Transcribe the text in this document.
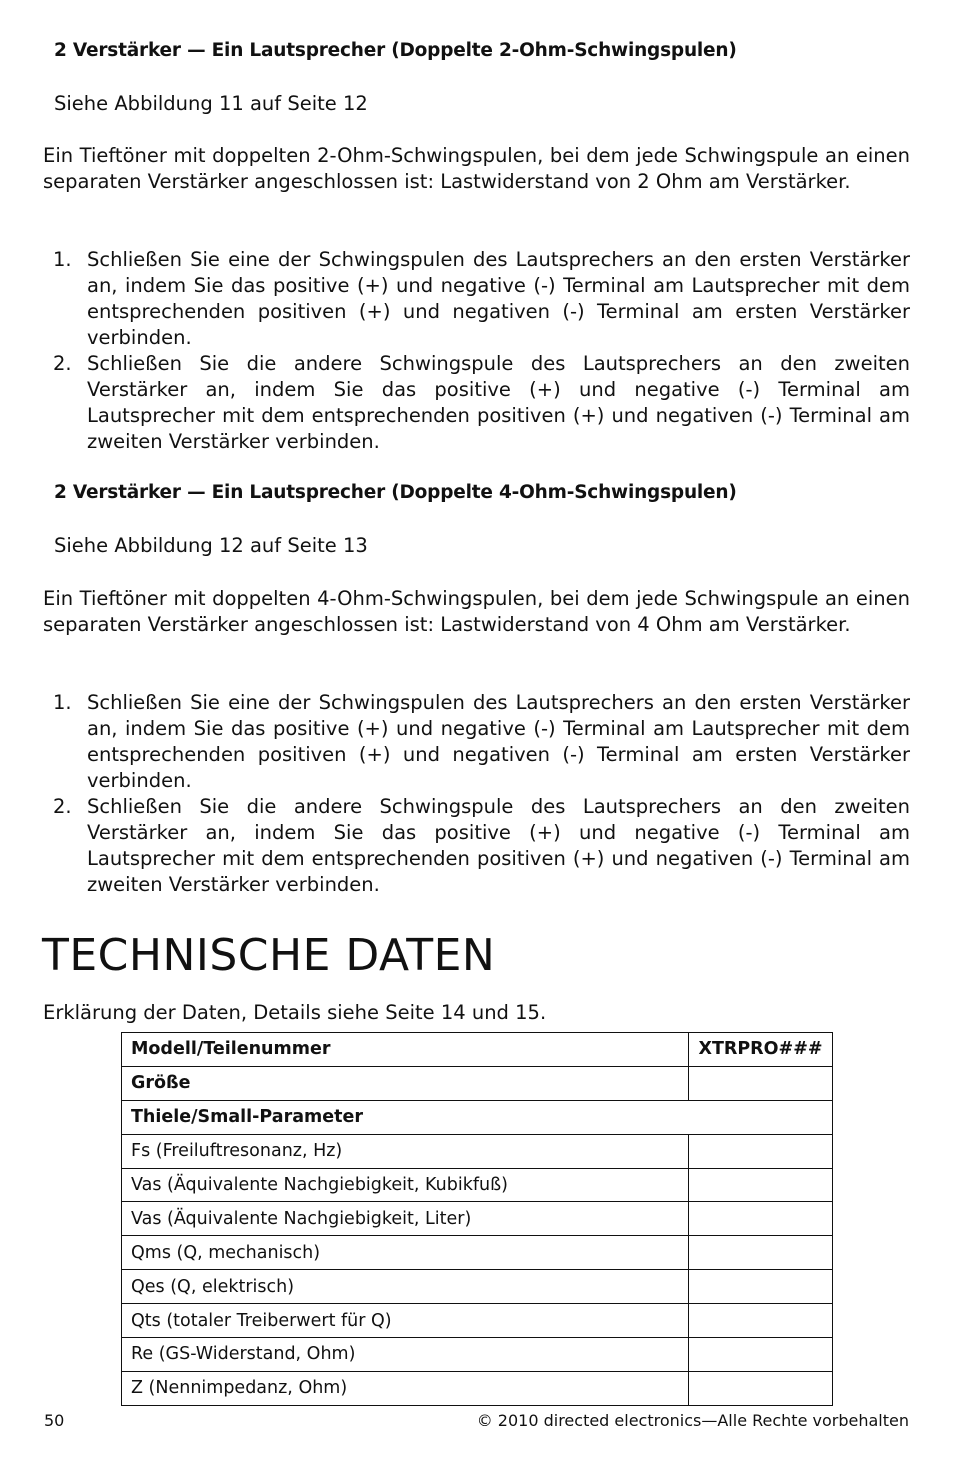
2 Verstärker — Ein Lautsprecher (Doppelte 2-Ohm-Schwingspulen)
Siehe Abbildung 11 auf Seite 12

Ein Tieftöner mit doppelten 2-Ohm-Schwingspulen, bei dem jede Schwingspule an einen separaten Verstärker angeschlossen ist: Lastwiderstand von 2 Ohm am Verstärker.

1. Schließen Sie eine der Schwingspulen des Lautsprechers an den ersten Verstärker an, indem Sie das positive (+) und negative (-) Terminal am Lautsprecher mit dem entsprechenden positiven (+) und negativen (-) Terminal am ersten Verstärker verbinden.
2. Schließen Sie die andere Schwingspule des Lautsprechers an den zweiten Verstärker an, indem Sie das positive (+) und negative (-) Terminal am Lautsprecher mit dem entsprechenden positiven (+) und negativen (-) Terminal am zweiten Verstärker verbinden.
2 Verstärker — Ein Lautsprecher (Doppelte 4-Ohm-Schwingspulen)
Siehe Abbildung 12 auf Seite 13

Ein Tieftöner mit doppelten 4-Ohm-Schwingspulen, bei dem jede Schwingspule an einen separaten Verstärker angeschlossen ist: Lastwiderstand von 4 Ohm am Verstärker.

1. Schließen Sie eine der Schwingspulen des Lautsprechers an den ersten Verstärker an, indem Sie das positive (+) und negative (-) Terminal am Lautsprecher mit dem entsprechenden positiven (+) und negativen (-) Terminal am ersten Verstärker verbinden.
2. Schließen Sie die andere Schwingspule des Lautsprechers an den zweiten Verstärker an, indem Sie das positive (+) und negative (-) Terminal am Lautsprecher mit dem entsprechenden positiven (+) und negativen (-) Terminal am zweiten Verstärker verbinden.
TECHNISCHE DATEN
Erklärung der Daten, Details siehe Seite 14 und 15.
Modell/Teilenummer	XTRPRO###
Größe	
Thiele/Small-Parameter	
Fs (Freiluftresonanz, Hz)	
Vas (Äquivalente Nachgiebigkeit, Kubikfuß)	
Vas (Äquivalente Nachgiebigkeit, Liter)	
Qms (Q, mechanisch)	
Qes (Q, elektrisch)	
Qts (totaler Treiberwert für Q)	
Re (GS-Widerstand, Ohm)	
Z (Nennimpedanz, Ohm)	
50	© 2010 directed electronics—Alle Rechte vorbehalten
